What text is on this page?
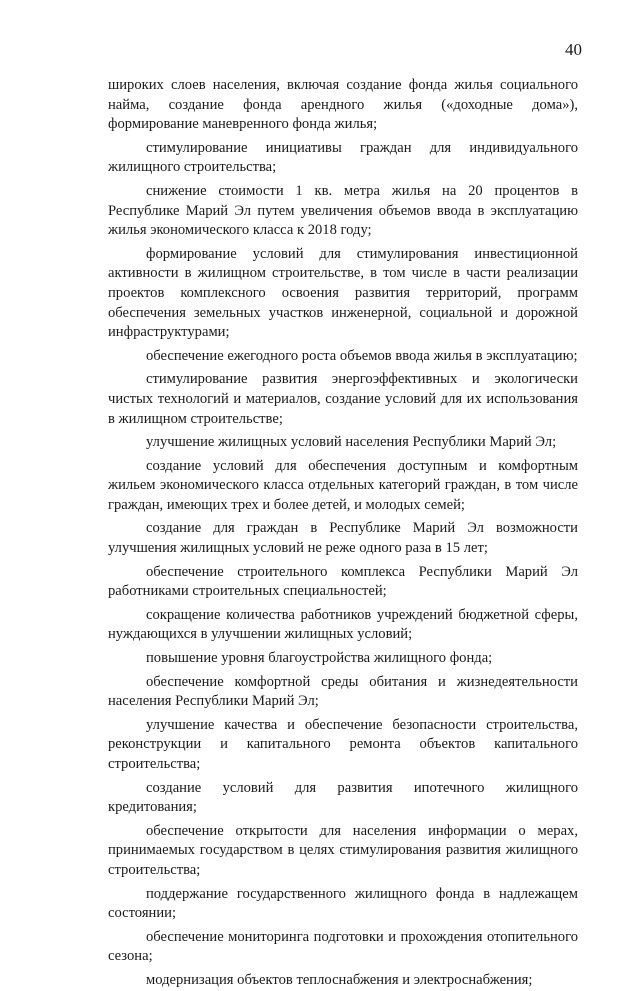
40

широких слоев населения, включая создание фонда жилья социального найма, создание фонда арендного жилья («доходные дома»), формирование маневренного фонда жилья;

стимулирование инициативы граждан для индивидуального жилищного строительства;

снижение стоимости 1 кв. метра жилья на 20 процентов в Республике Марий Эл путем увеличения объемов ввода в эксплуатацию жилья экономического класса к 2018 году;

формирование условий для стимулирования инвестиционной активности в жилищном строительстве, в том числе в части реализации проектов комплексного освоения развития территорий, программ обеспечения земельных участков инженерной, социальной и дорожной инфраструктурами;

обеспечение ежегодного роста объемов ввода жилья в эксплуатацию;

стимулирование развития энергоэффективных и экологически чистых технологий и материалов, создание условий для их использования в жилищном строительстве;

улучшение жилищных условий населения Республики Марий Эл;

создание условий для обеспечения доступным и комфортным жильем экономического класса отдельных категорий граждан, в том числе граждан, имеющих трех и более детей, и молодых семей;

создание для граждан в Республике Марий Эл возможности улучшения жилищных условий не реже одного раза в 15 лет;

обеспечение строительного комплекса Республики Марий Эл работниками строительных специальностей;

сокращение количества работников учреждений бюджетной сферы, нуждающихся в улучшении жилищных условий;

повышение уровня благоустройства жилищного фонда;

обеспечение комфортной среды обитания и жизнедеятельности населения Республики Марий Эл;

улучшение качества и обеспечение безопасности строительства, реконструкции и капитального ремонта объектов капитального строительства;

создание условий для развития ипотечного жилищного кредитования;

обеспечение открытости для населения информации о мерах, принимаемых государством в целях стимулирования развития жилищного строительства;

поддержание государственного жилищного фонда в надлежащем состоянии;

обеспечение мониторинга подготовки и прохождения отопительного сезона;

модернизация объектов теплоснабжения и электроснабжения;
